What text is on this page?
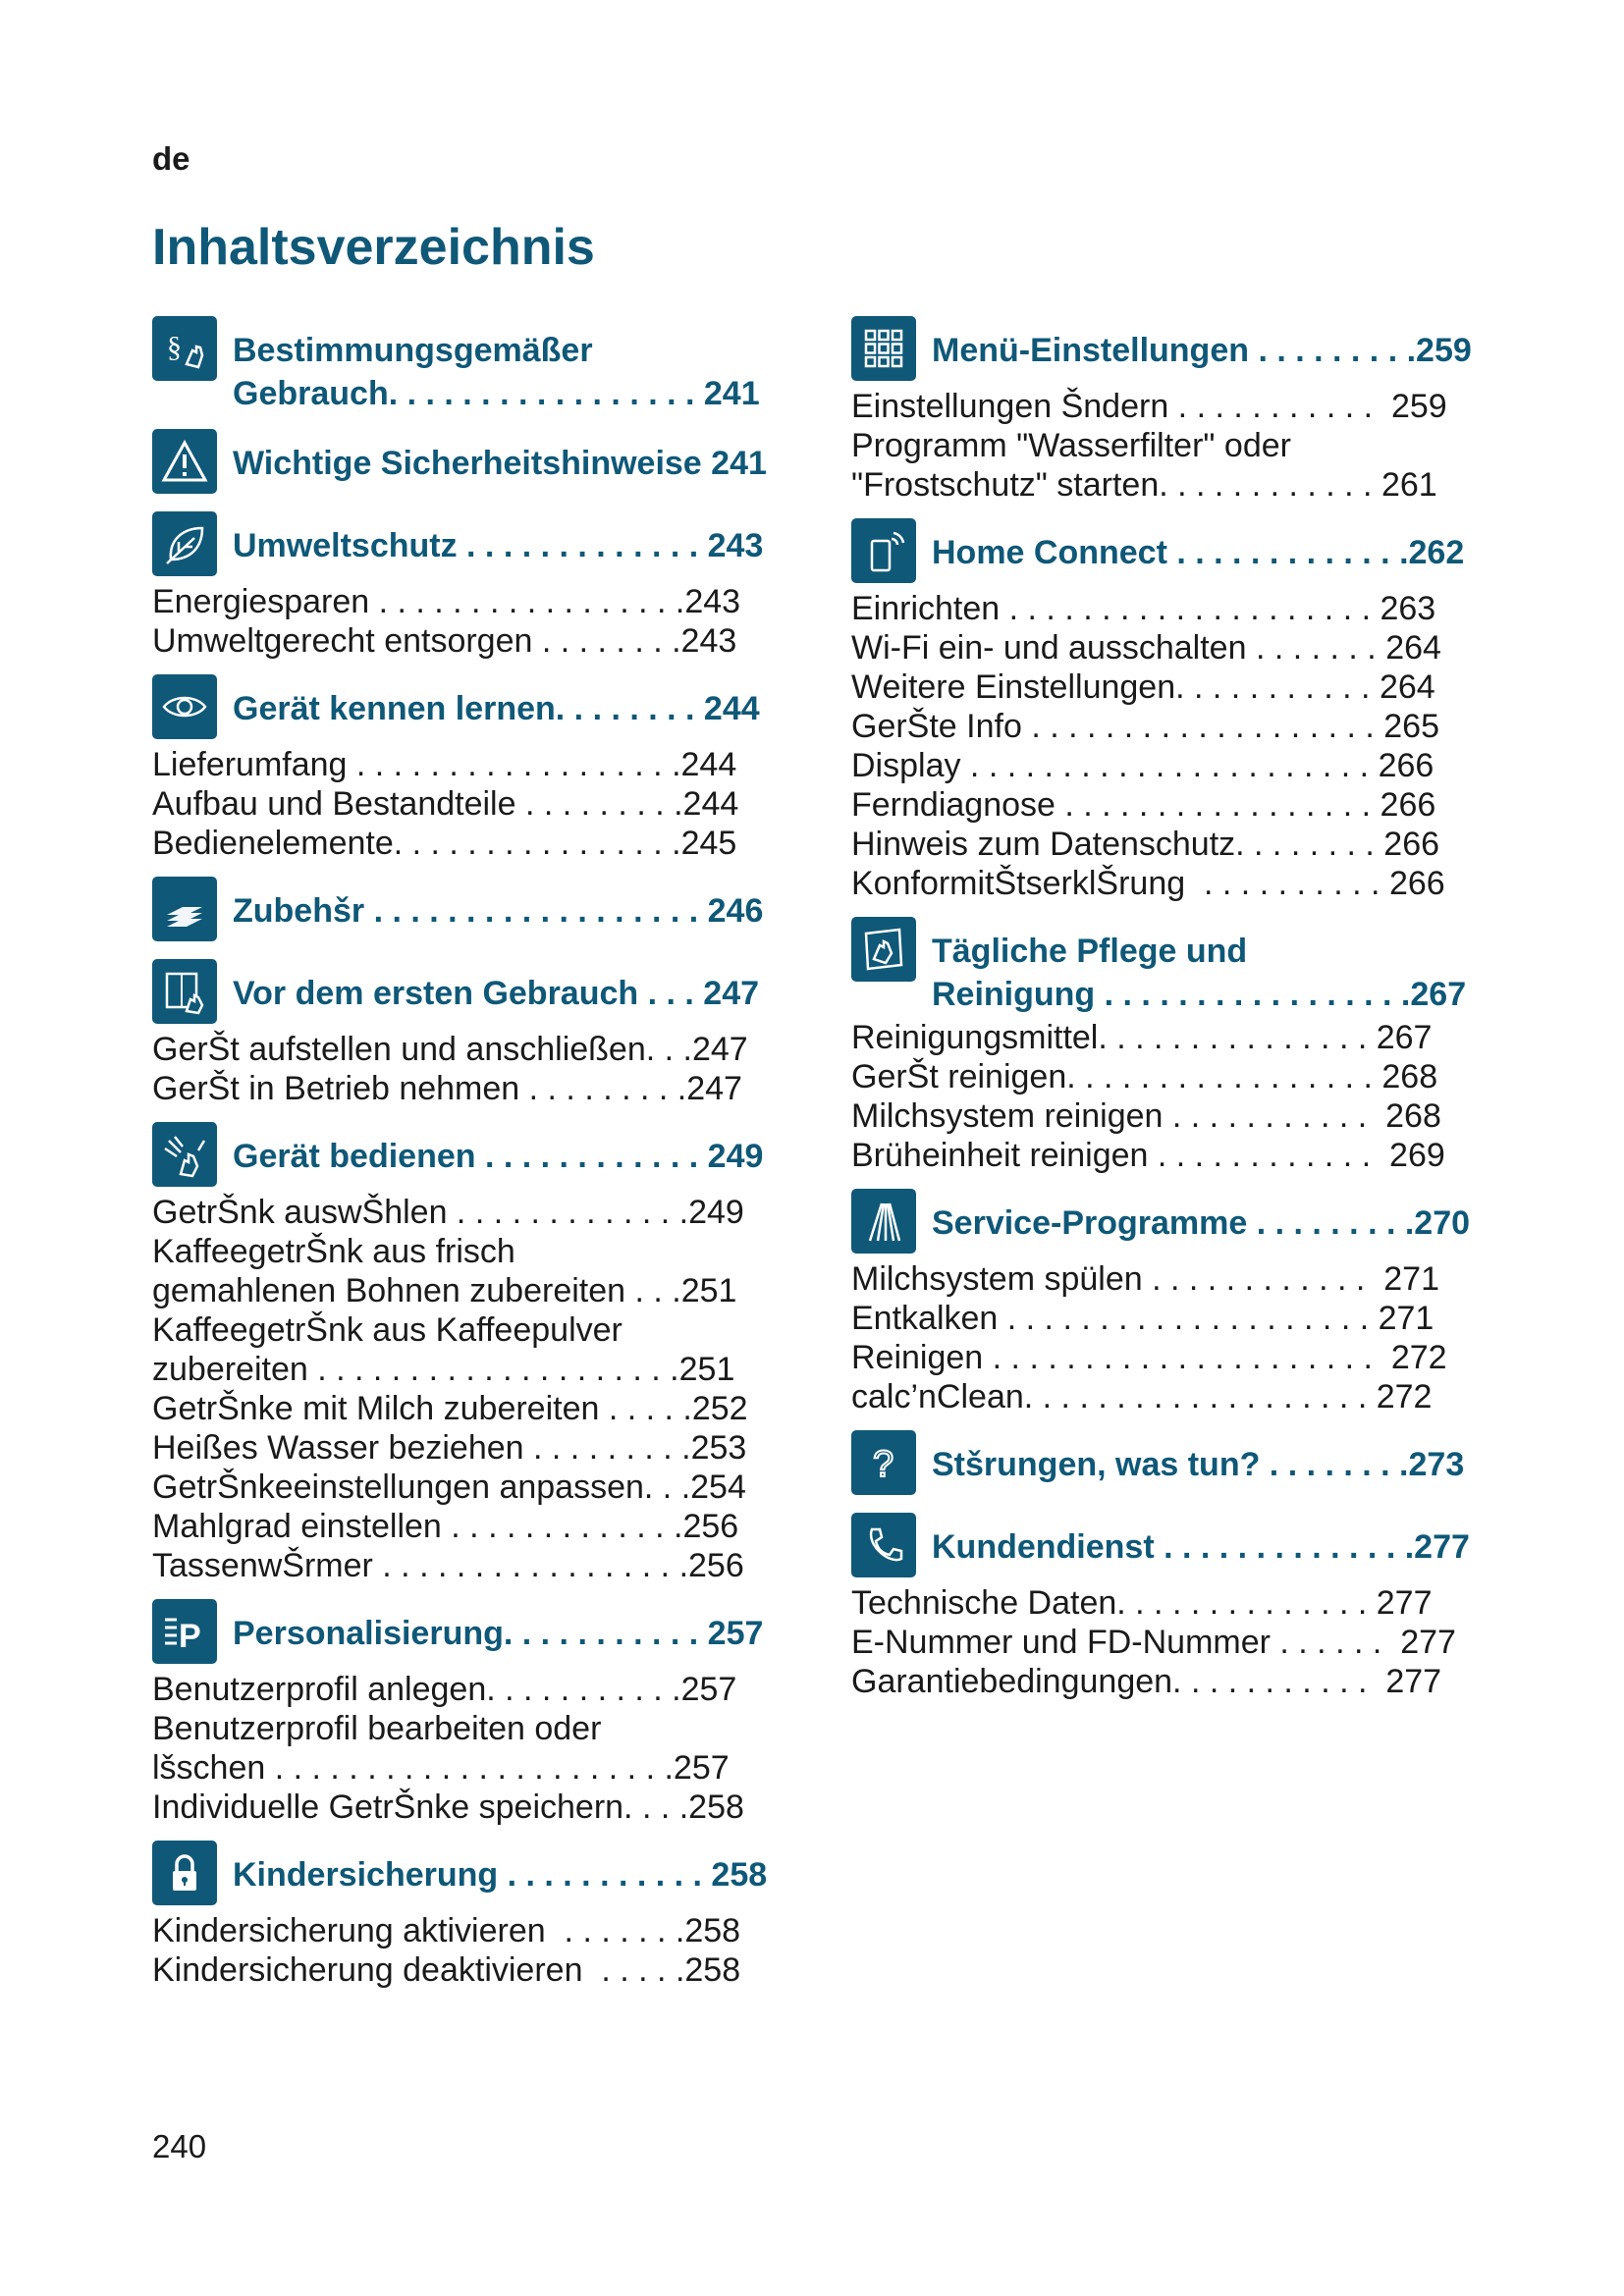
de
Inhaltsverzeichnis
§ Bestimmungsgemäßer
Gebrauch. . . . . . . . . . . . . . . . . 241
Wichtige Sicherheitshinweise 241
Umweltschutz . . . . . . . . . . . . . 243
Energiesparen . . . . . . . . . . . . . . . . .243
Umweltgerecht entsorgen . . . . . . . .243
Gerät kennen lernen. . . . . . . . 244
Lieferumfang . . . . . . . . . . . . . . . . . .244
Aufbau und Bestandteile . . . . . . . . .244
Bedienelemente. . . . . . . . . . . . . . . .245
Zubehšr . . . . . . . . . . . . . . . . . . 246
Vor dem ersten Gebrauch . . . 247
GerŠt aufstellen und anschließen. . .247
GerŠt in Betrieb nehmen . . . . . . . . .247
Gerät bedienen . . . . . . . . . . . . 249
GetrŠnk auswŠhlen . . . . . . . . . . . . .249
KaffeegetrŠnk aus frisch
gemahlenen Bohnen zubereiten . . .251
KaffeegetrŠnk aus Kaffeepulver
zubereiten . . . . . . . . . . . . . . . . . . . .251
GetrŠnke mit Milch zubereiten . . . . .252
Heißes Wasser beziehen . . . . . . . . .253
GetrŠnkeeinstellungen anpassen. . .254
Mahlgrad einstellen . . . . . . . . . . . . .256
TassenwŠrmer . . . . . . . . . . . . . . . . .256
P Personalisierung. . . . . . . . . . . 257
Benutzerprofil anlegen. . . . . . . . . . .257
Benutzerprofil bearbeiten oder
lšschen . . . . . . . . . . . . . . . . . . . . . .257
Individuelle GetrŠnke speichern. . . .258
Kindersicherung . . . . . . . . . . . 258
Kindersicherung aktivieren  . . . . . . .258
Kindersicherung deaktivieren  . . . . .258
Menü-Einstellungen . . . . . . . . .259
Einstellungen Šndern . . . . . . . . . . .  259
Programm "Wasserfilter" oder
"Frostschutz" starten. . . . . . . . . . . . 261
Home Connect . . . . . . . . . . . . .262
Einrichten . . . . . . . . . . . . . . . . . . . . 263
Wi-Fi ein- und ausschalten . . . . . . . 264
Weitere Einstellungen. . . . . . . . . . . 264
GerŠte Info . . . . . . . . . . . . . . . . . . . 265
Display . . . . . . . . . . . . . . . . . . . . . . 266
Ferndiagnose . . . . . . . . . . . . . . . . . 266
Hinweis zum Datenschutz. . . . . . . . 266
KonformitŠtserklŠrung  . . . . . . . . . . 266
Tägliche Pflege und
Reinigung . . . . . . . . . . . . . . . . .267
Reinigungsmittel. . . . . . . . . . . . . . . 267
GerŠt reinigen. . . . . . . . . . . . . . . . . 268
Milchsystem reinigen . . . . . . . . . . .  268
Brüheinheit reinigen . . . . . . . . . . . .  269
Service-Programme . . . . . . . . .270
Milchsystem spülen . . . . . . . . . . . .  271
Entkalken . . . . . . . . . . . . . . . . . . . . 271
Reinigen . . . . . . . . . . . . . . . . . . . . .  272
calc’nClean. . . . . . . . . . . . . . . . . . . 272
? Stšrungen, was tun? . . . . . . . .273
Kundendienst . . . . . . . . . . . . . .277
Technische Daten. . . . . . . . . . . . . . 277
E-Nummer und FD-Nummer . . . . . .  277
Garantiebedingungen. . . . . . . . . . .  277
240
